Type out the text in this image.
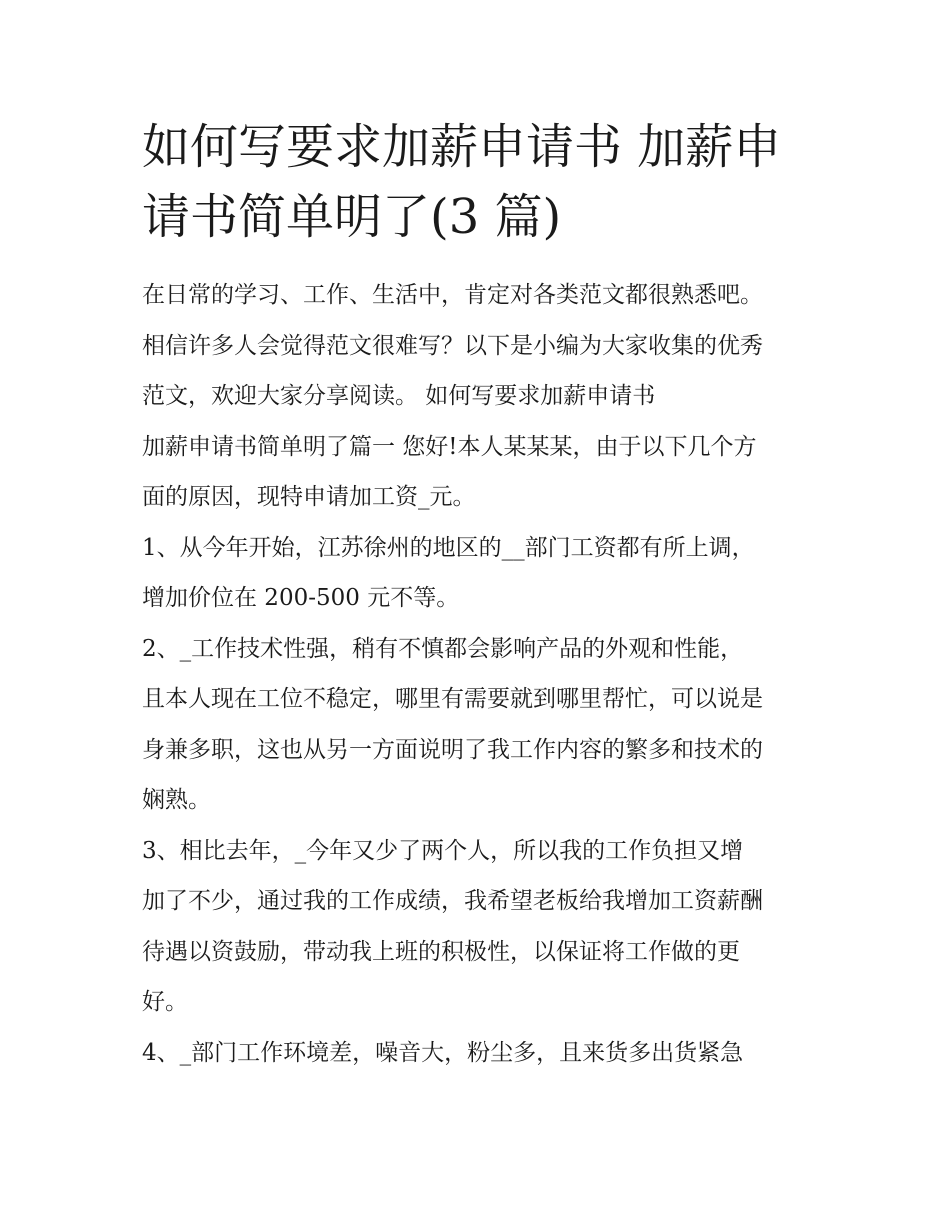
如何写要求加薪申请书 加薪申
请书简单明了(3 篇)
在日常的学习、工作、生活中，肯定对各类范文都很熟悉吧。
相信许多人会觉得范文很难写？以下是小编为大家收集的优秀
范文，欢迎大家分享阅读。 如何写要求加薪申请书
加薪申请书简单明了篇一 您好!本人某某某，由于以下几个方
面的原因，现特申请加工资_元。
1、从今年开始，江苏徐州的地区的__部门工资都有所上调，
增加价位在 200-500 元不等。
2、_工作技术性强，稍有不慎都会影响产品的外观和性能，
且本人现在工位不稳定，哪里有需要就到哪里帮忙，可以说是
身兼多职，这也从另一方面说明了我工作内容的繁多和技术的
娴熟。
3、相比去年，_今年又少了两个人，所以我的工作负担又增
加了不少，通过我的工作成绩，我希望老板给我增加工资薪酬
待遇以资鼓励，带动我上班的积极性，以保证将工作做的更
好。
4、_部门工作环境差，噪音大，粉尘多，且来货多出货紧急
